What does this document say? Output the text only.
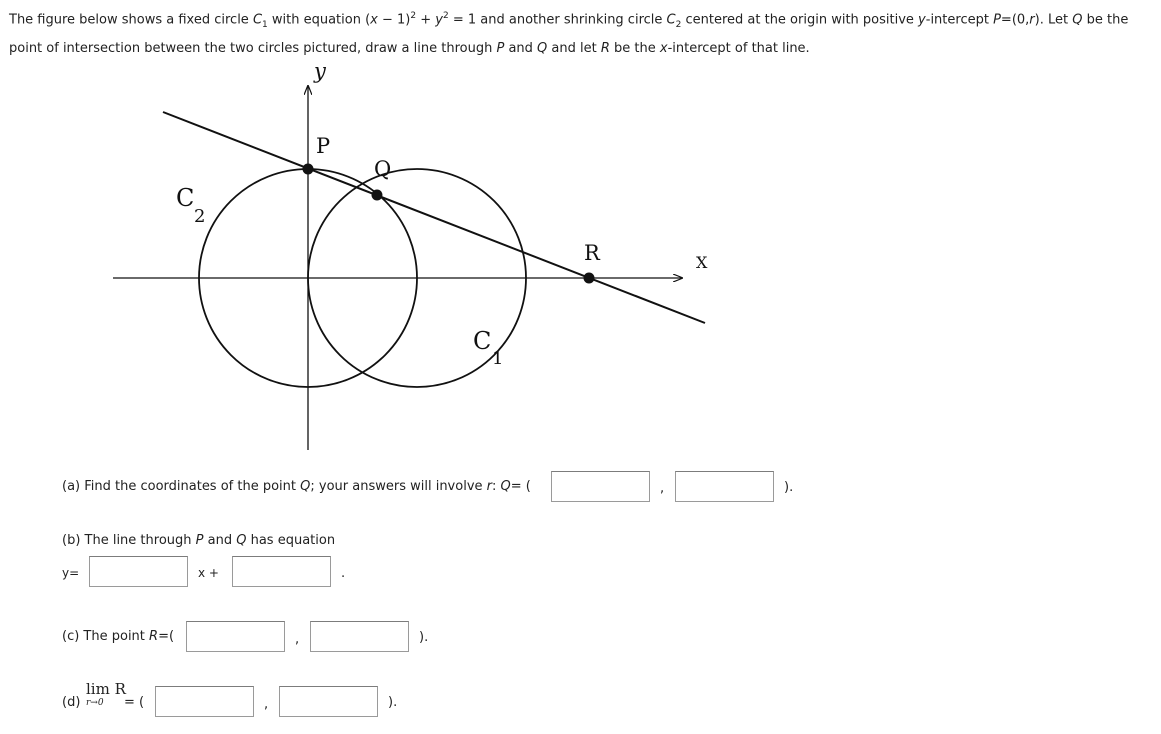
The figure below shows a fixed circle $C_1$ with equation $(x - 1)^2 + y^2 = 1$ and another shrinking circle $C_2$ centered at the origin with positive y-intercept P=(0,r). Let Q be the
point of intersection between the two circles pictured, draw a line through P and Q and let R be the x-intercept of that line.
y
X
P
Q
R
C
2
C
1
(a) Find the coordinates of the point Q; your answers will involve r: Q= (	,	).
(b) The line through P and Q has equation
y=	x +	.
(c) The point R=(	,	).
(d)
lim R
r→0 = (	,	).
